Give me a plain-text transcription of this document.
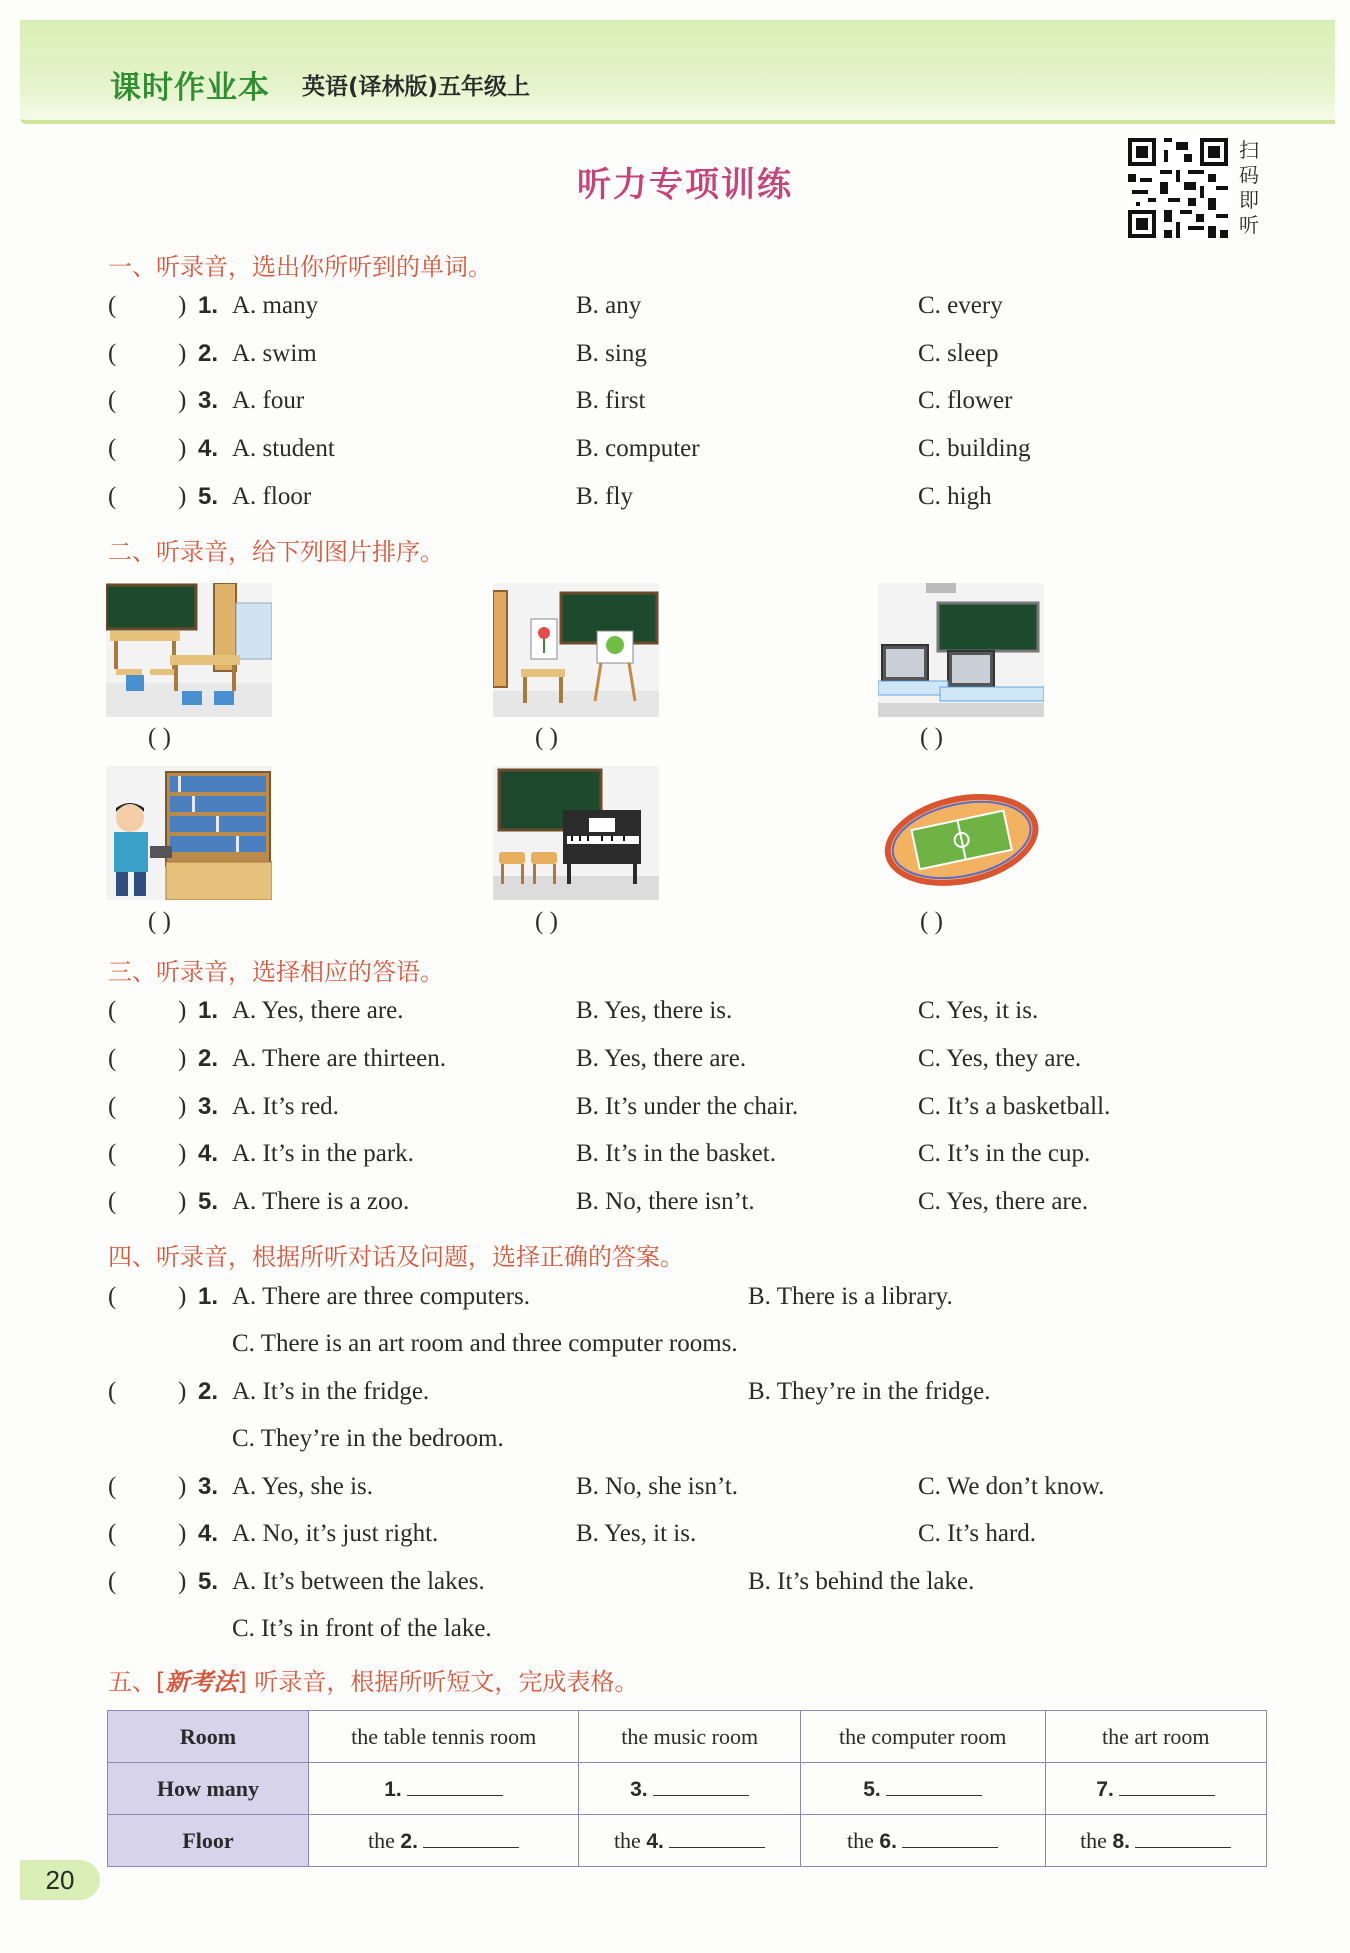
课时作业本 英语(译林版)五年级上
听力专项训练
扫
码
即
听
一、听录音，选出你所听到的单词。
( ) 1. A. many	B. any	C. every
( ) 2. A. swim	B. sing	C. sleep
( ) 3. A. four	B. first	C. flower
( ) 4. A. student	B. computer	C. building
( ) 5. A. floor	B. fly	C. high
二、听录音，给下列图片排序。
( )	( )	( )
( )	( )	( )
三、听录音，选择相应的答语。
( ) 1. A. Yes, there are.	B. Yes, there is.	C. Yes, it is.
( ) 2. A. There are thirteen.	B. Yes, there are.	C. Yes, they are.
( ) 3. A. It’s red.	B. It’s under the chair.	C. It’s a basketball.
( ) 4. A. It’s in the park.	B. It’s in the basket.	C. It’s in the cup.
( ) 5. A. There is a zoo.	B. No, there isn’t.	C. Yes, there are.
四、听录音，根据所听对话及问题，选择正确的答案。
( ) 1. A. There are three computers.	B. There is a library.
C. There is an art room and three computer rooms.
( ) 2. A. It’s in the fridge.	B. They’re in the fridge.
C. They’re in the bedroom.
( ) 3. A. Yes, she is.	B. No, she isn’t.	C. We don’t know.
( ) 4. A. No, it’s just right.	B. Yes, it is.	C. It’s hard.
( ) 5. A. It’s between the lakes.	B. It’s behind the lake.
C. It’s in front of the lake.
五、[新考法] 听录音，根据所听短文，完成表格。
Room	the table tennis room	the music room	the computer room	the art room
How many	1.	3.	5.	7.
Floor	the 2.	the 4.	the 6.	the 8.
20
